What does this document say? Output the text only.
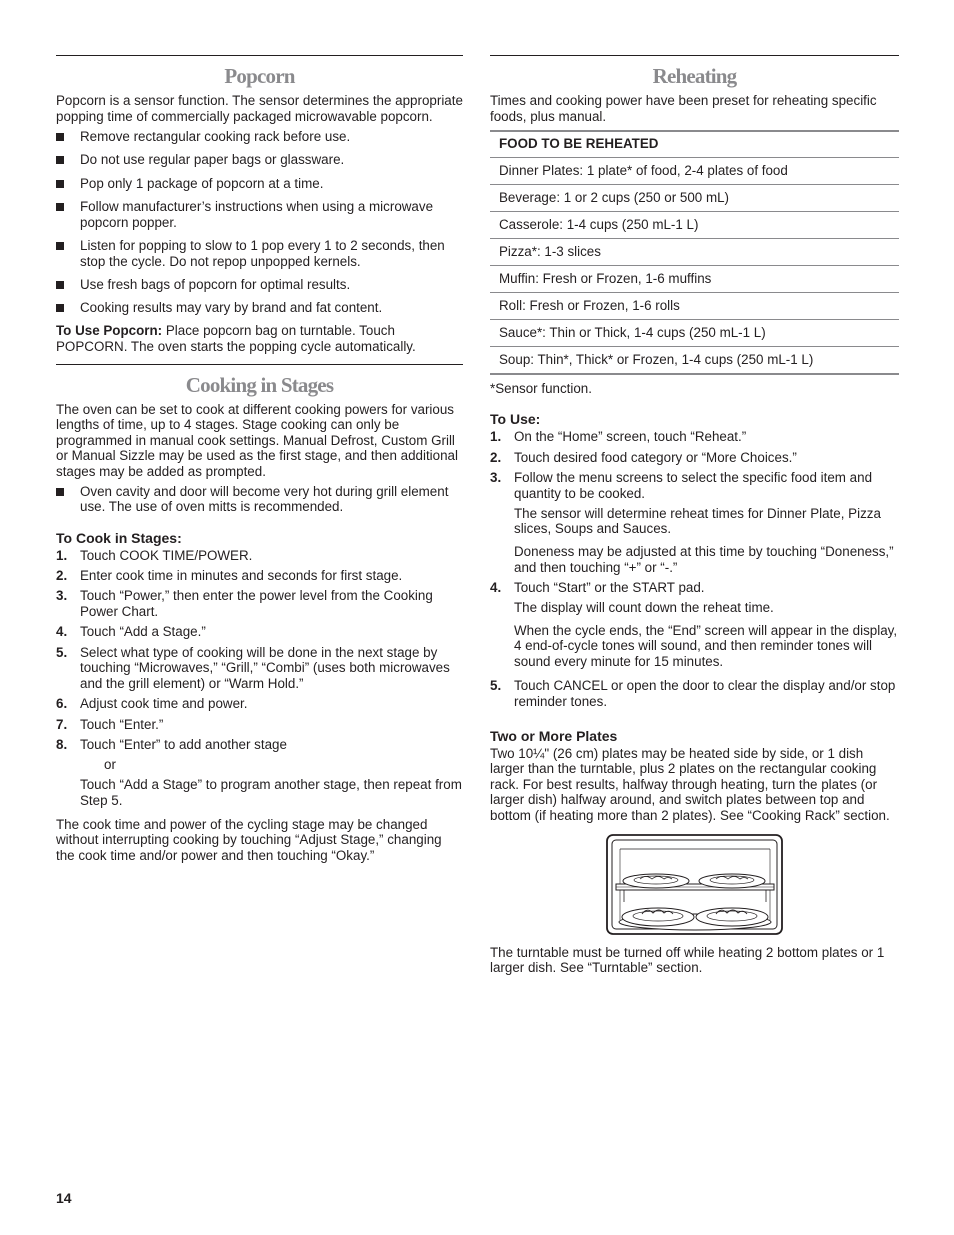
Popcorn

Popcorn is a sensor function. The sensor determines the appropriate popping time of commercially packaged microwavable popcorn.

Remove rectangular cooking rack before use.
Do not use regular paper bags or glassware.
Pop only 1 package of popcorn at a time.
Follow manufacturer’s instructions when using a microwave popcorn popper.
Listen for popping to slow to 1 pop every 1 to 2 seconds, then stop the cycle. Do not repop unpopped kernels.
Use fresh bags of popcorn for optimal results.
Cooking results may vary by brand and fat content.

To Use Popcorn: Place popcorn bag on turntable. Touch POPCORN. The oven starts the popping cycle automatically.

Cooking in Stages

The oven can be set to cook at different cooking powers for various lengths of time, up to 4 stages. Stage cooking can only be programmed in manual cook settings. Manual Defrost, Custom Grill or Manual Sizzle may be used as the first stage, and then additional stages may be added as prompted.

Oven cavity and door will become very hot during grill element use. The use of oven mitts is recommended.
To Cook in Stages:
1. Touch COOK TIME/POWER.
2. Enter cook time in minutes and seconds for first stage.
3. Touch “Power,” then enter the power level from the Cooking Power Chart.
4. Touch “Add a Stage.”
5. Select what type of cooking will be done in the next stage by touching “Microwaves,” “Grill,” “Combi” (uses both microwaves and the grill element) or “Warm Hold.”
6. Adjust cook time and power.
7. Touch “Enter.”
8. Touch “Enter” to add another stage
or
Touch “Add a Stage” to program another stage, then repeat from Step 5.

The cook time and power of the cycling stage may be changed without interrupting cooking by touching “Adjust Stage,” changing the cook time and/or power and then touching “Okay.”

Reheating

Times and cooking power have been preset for reheating specific foods, plus manual.

FOOD TO BE REHEATED
Dinner Plates: 1 plate* of food, 2-4 plates of food
Beverage: 1 or 2 cups (250 or 500 mL)
Casserole: 1-4 cups (250 mL-1 L)
Pizza*: 1-3 slices
Muffin: Fresh or Frozen, 1-6 muffins
Roll: Fresh or Frozen, 1-6 rolls
Sauce*: Thin or Thick, 1-4 cups (250 mL-1 L)
Soup: Thin*, Thick* or Frozen, 1-4 cups (250 mL-1 L)

*Sensor function.

To Use:
1. On the “Home” screen, touch “Reheat.”
2. Touch desired food category or “More Choices.”
3. Follow the menu screens to select the specific food item and quantity to be cooked.
The sensor will determine reheat times for Dinner Plate, Pizza slices, Soups and Sauces.
Doneness may be adjusted at this time by touching “Doneness,” and then touching “+” or “-.”
4. Touch “Start” or the START pad.
The display will count down the reheat time.
When the cycle ends, the “End” screen will appear in the display, 4 end-of-cycle tones will sound, and then reminder tones will sound every minute for 15 minutes.
5. Touch CANCEL or open the door to clear the display and/or stop reminder tones.
Two or More Plates

Two 10¼" (26 cm) plates may be heated side by side, or 1 dish larger than the turntable, plus 2 plates on the rectangular cooking rack. For best results, halfway through heating, turn the plates (or larger dish) halfway around, and switch plates between top and bottom (if heating more than 2 plates). See “Cooking Rack” section.

The turntable must be turned off while heating 2 bottom plates or 1 larger dish. See “Turntable” section.

14
